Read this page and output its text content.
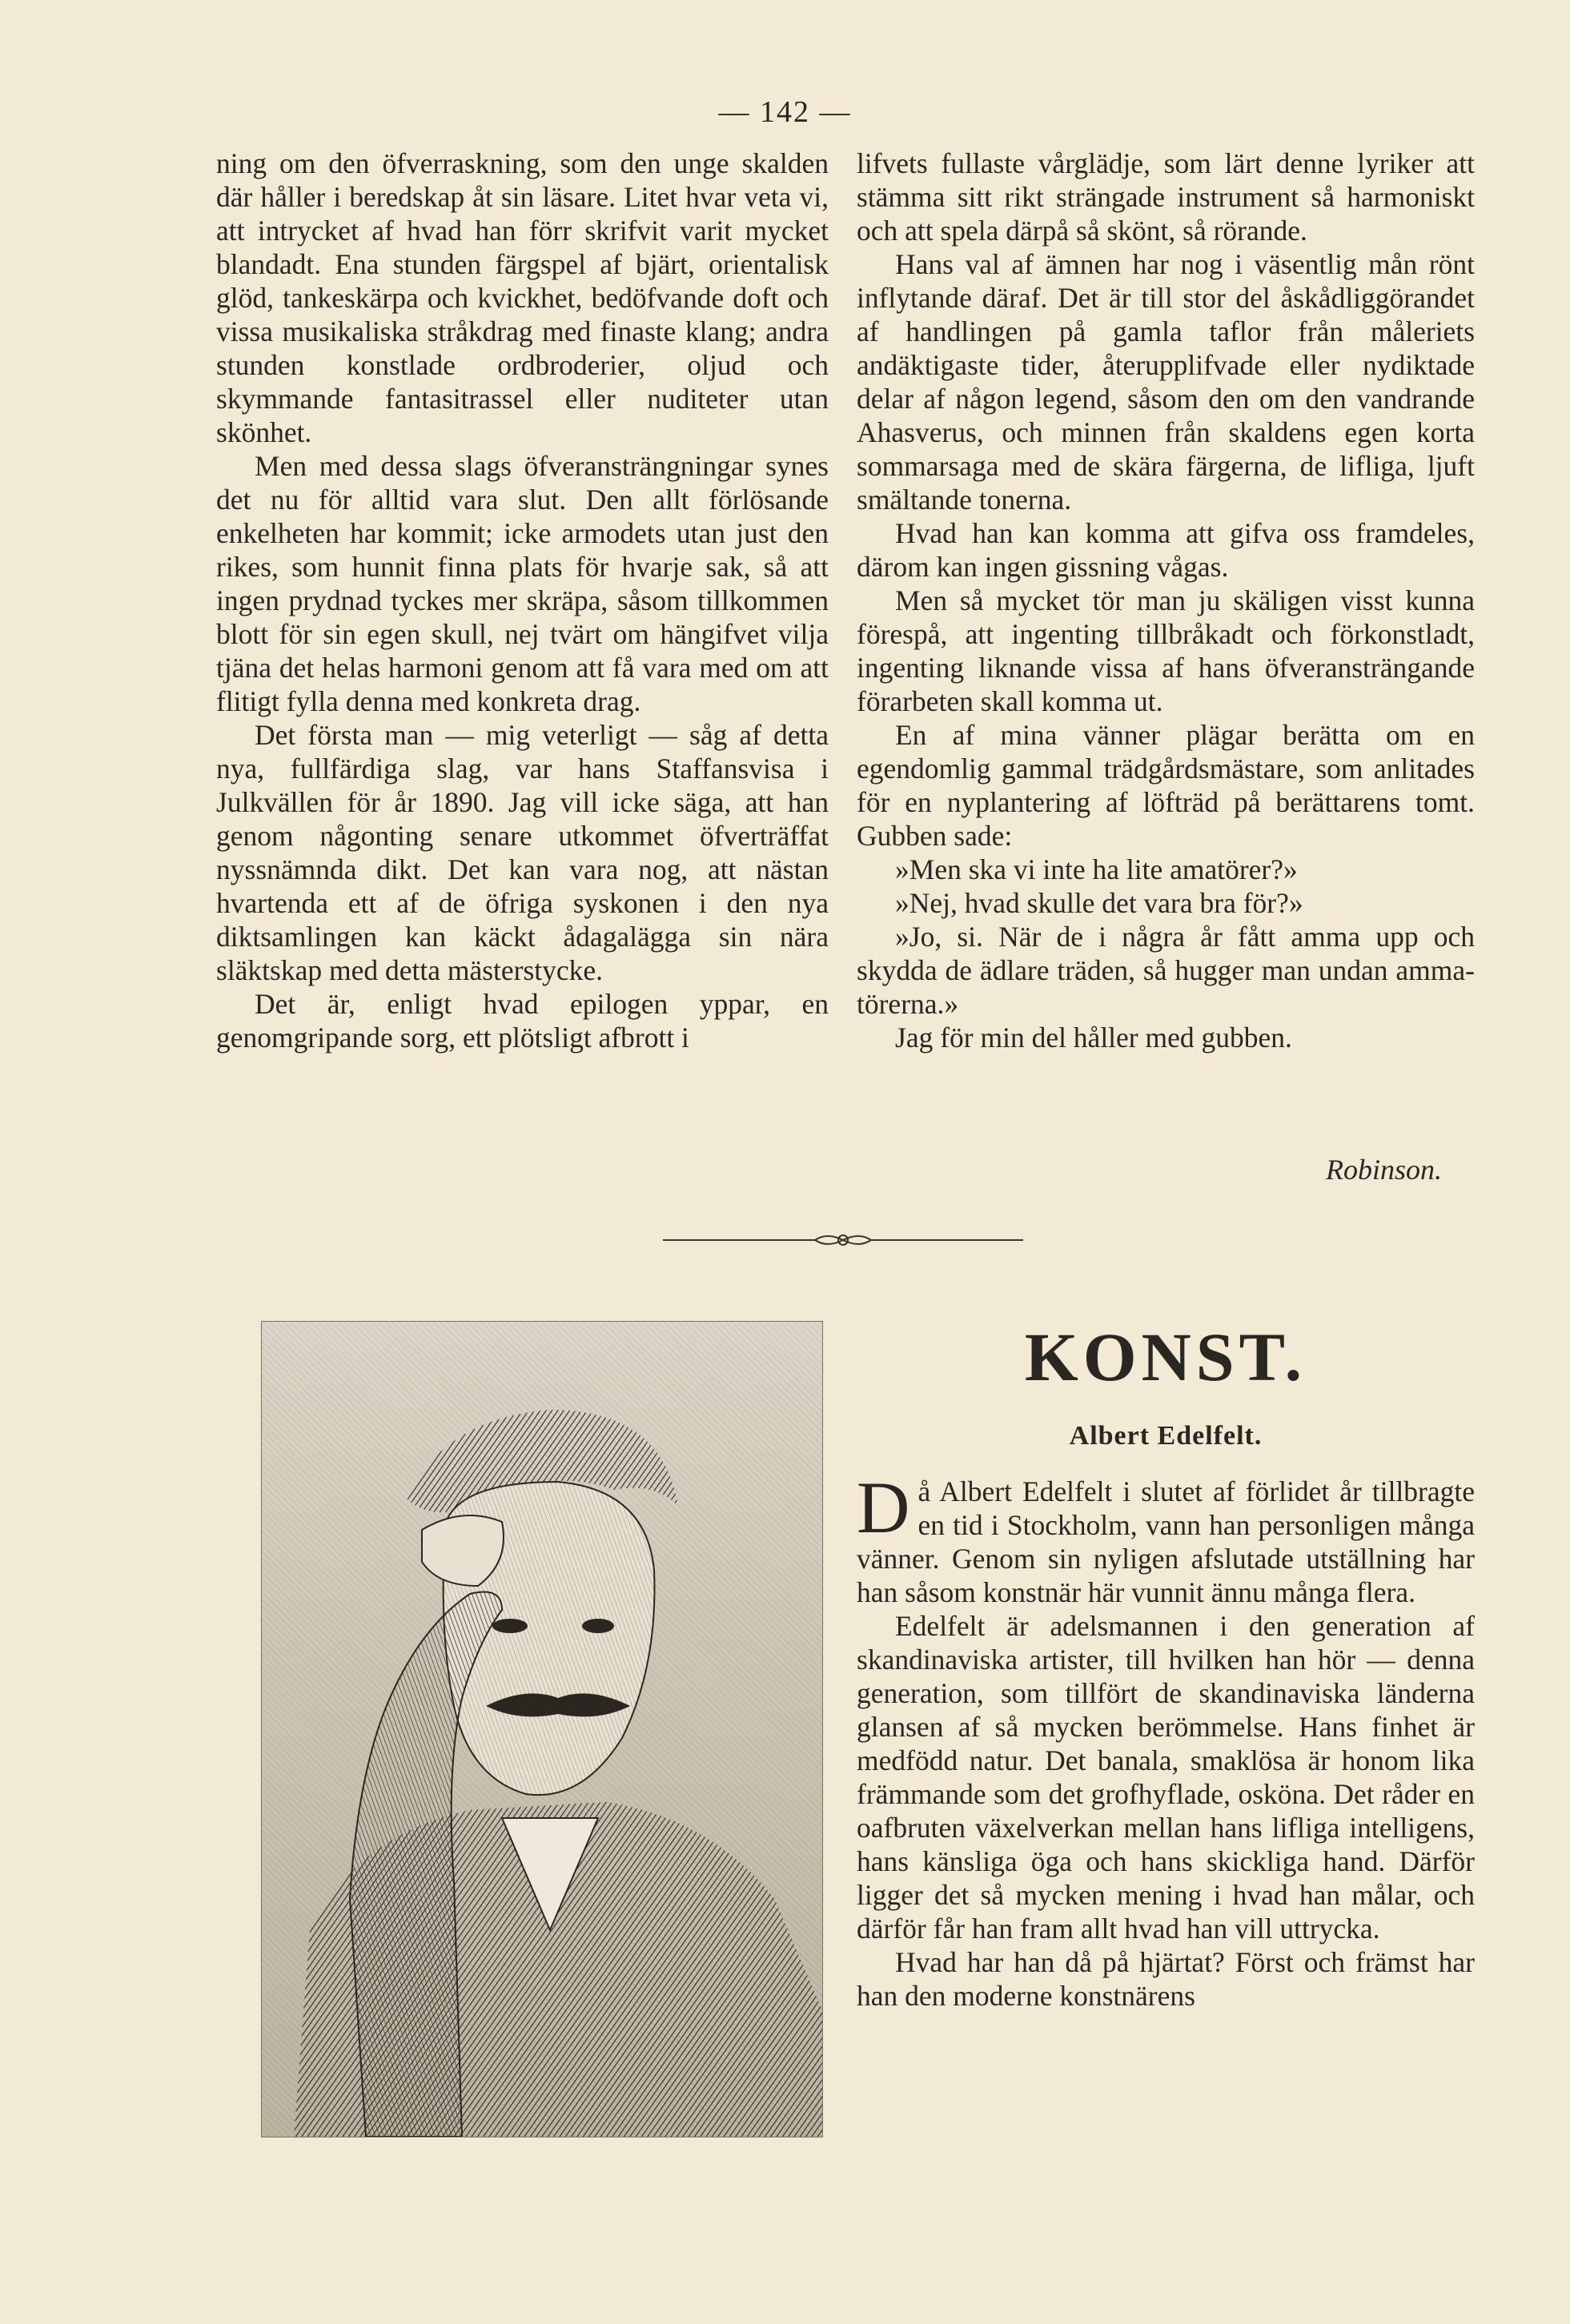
— 142 —

ning om den öfverraskning, som den unge skalden där håller i beredskap åt sin läsare. Litet hvar veta vi, att intrycket af hvad han förr skrifvit varit mycket blandadt. Ena stunden färgspel af bjärt, orientalisk glöd, tankeskärpa och kvickhet, bedöfvande doft och vissa musikaliska stråkdrag med finaste klang; andra stunden konstlade ordbroderier, oljud och skymmande fantasitrassel eller nuditeter utan skönhet.

Men med dessa slags öfveransträngningar synes det nu för alltid vara slut. Den allt förlösande enkelheten har kommit; icke armodets utan just den rikes, som hunnit finna plats för hvarje sak, så att ingen prydnad tyckes mer skräpa, såsom tillkommen blott för sin egen skull, nej tvärt om hängifvet vilja tjäna det helas harmoni genom att få vara med om att flitigt fylla denna med konkreta drag.

Det första man — mig veterligt — såg af detta nya, fullfärdiga slag, var hans Staffansvisa i Julkvällen för år 1890. Jag vill icke säga, att han genom någonting senare utkommet öfverträffat nyssnämnda dikt. Det kan vara nog, att nästan hvartenda ett af de öfriga syskonen i den nya diktsamlingen kan käckt ådagalägga sin nära släktskap med detta mästerstycke.

Det är, enligt hvad epilogen yppar, en genomgripande sorg, ett plötsligt afbrott i

lifvets fullaste vårglädje, som lärt denne lyriker att stämma sitt rikt strängade instrument så harmoniskt och att spela därpå så skönt, så rörande.

Hans val af ämnen har nog i väsentlig mån rönt inflytande däraf. Det är till stor del åskådliggörandet af handlingen på gamla taflor från måleriets andäktigaste tider, återupplifvade eller nydiktade delar af någon legend, såsom den om den vandrande Ahasverus, och minnen från skaldens egen korta sommarsaga med de skära färgerna, de lifliga, ljuft smältande tonerna.

Hvad han kan komma att gifva oss framdeles, därom kan ingen gissning vågas.

Men så mycket tör man ju skäligen visst kunna förespå, att ingenting tillbråkadt och förkonstladt, ingenting liknande vissa af hans öfveransträngande förarbeten skall komma ut.

En af mina vänner plägar berätta om en egendomlig gammal trädgårdsmästare, som anlitades för en nyplantering af löfträd på berättarens tomt. Gubben sade:

»Men ska vi inte ha lite amatörer?»

»Nej, hvad skulle det vara bra för?»

»Jo, si. När de i några år fått amma upp och skydda de ädlare träden, så hugger man undan amma-törerna.»

Jag för min del håller med gubben.

Robinson.
KONST.
Albert Edelfelt.

Då Albert Edelfelt i slutet af förlidet år tillbragte en tid i Stockholm, vann han personligen många vänner. Genom sin nyligen afslutade utställning har han såsom konstnär här vunnit ännu många flera.

Edelfelt är adelsmannen i den generation af skandinaviska artister, till hvilken han hör — denna generation, som tillfört de skandinaviska länderna glansen af så mycken berömmelse. Hans finhet är medfödd natur. Det banala, smaklösa är honom lika främmande som det grofhyflade, osköna. Det råder en oafbruten växelverkan mellan hans lifliga intelligens, hans känsliga öga och hans skickliga hand. Därför ligger det så mycken mening i hvad han målar, och därför får han fram allt hvad han vill uttrycka.

Hvad har han då på hjärtat? Först och främst har han den moderne konstnärens
